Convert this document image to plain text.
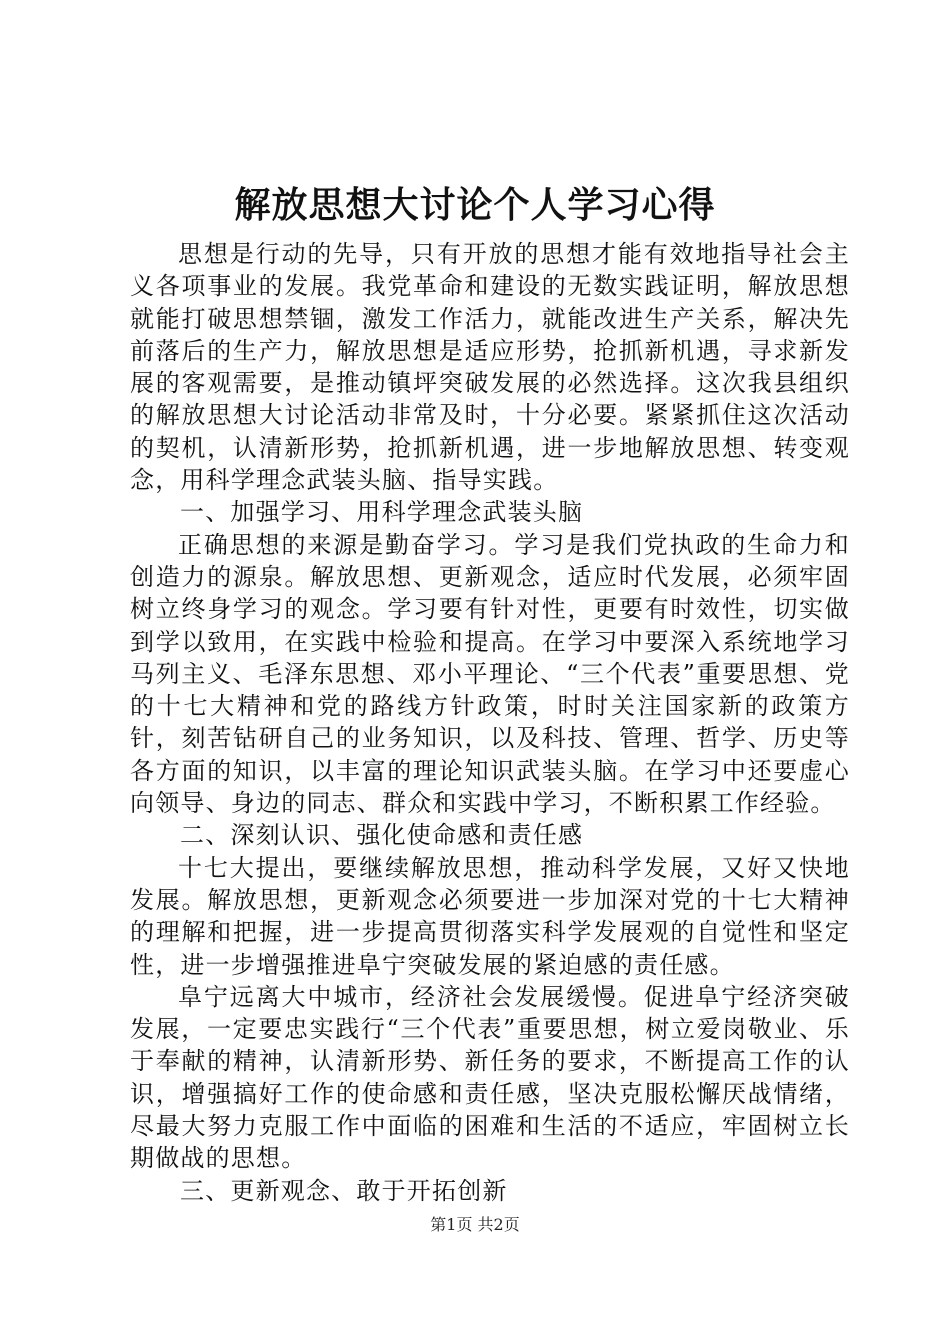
解放思想大讨论个人学习心得

思想是行动的先导，只有开放的思想才能有效地指导社会主义各项事业的发展。我党革命和建设的无数实践证明，解放思想就能打破思想禁锢，激发工作活力，就能改进生产关系，解决先前落后的生产力，解放思想是适应形势，抢抓新机遇，寻求新发展的客观需要，是推动镇坪突破发展的必然选择。这次我县组织的解放思想大讨论活动非常及时，十分必要。紧紧抓住这次活动的契机，认清新形势，抢抓新机遇，进一步地解放思想、转变观念，用科学理念武装头脑、指导实践。

一、加强学习、用科学理念武装头脑

正确思想的来源是勤奋学习。学习是我们党执政的生命力和创造力的源泉。解放思想、更新观念，适应时代发展，必须牢固树立终身学习的观念。学习要有针对性，更要有时效性，切实做到学以致用，在实践中检验和提高。在学习中要深入系统地学习马列主义、毛泽东思想、邓小平理论、“三个代表”重要思想、党的十七大精神和党的路线方针政策，时时关注国家新的政策方针，刻苦钻研自己的业务知识，以及科技、管理、哲学、历史等各方面的知识，以丰富的理论知识武装头脑。在学习中还要虚心向领导、身边的同志、群众和实践中学习，不断积累工作经验。

二、深刻认识、强化使命感和责任感

十七大提出，要继续解放思想，推动科学发展，又好又快地发展。解放思想，更新观念必须要进一步加深对党的十七大精神的理解和把握，进一步提高贯彻落实科学发展观的自觉性和坚定性，进一步增强推进阜宁突破发展的紧迫感的责任感。

阜宁远离大中城市，经济社会发展缓慢。促进阜宁经济突破发展，一定要忠实践行“三个代表”重要思想，树立爱岗敬业、乐于奉献的精神，认清新形势、新任务的要求，不断提高工作的认识，增强搞好工作的使命感和责任感，坚决克服松懈厌战情绪，尽最大努力克服工作中面临的困难和生活的不适应，牢固树立长期做战的思想。

三、更新观念、敢于开拓创新

第1页 共2页
